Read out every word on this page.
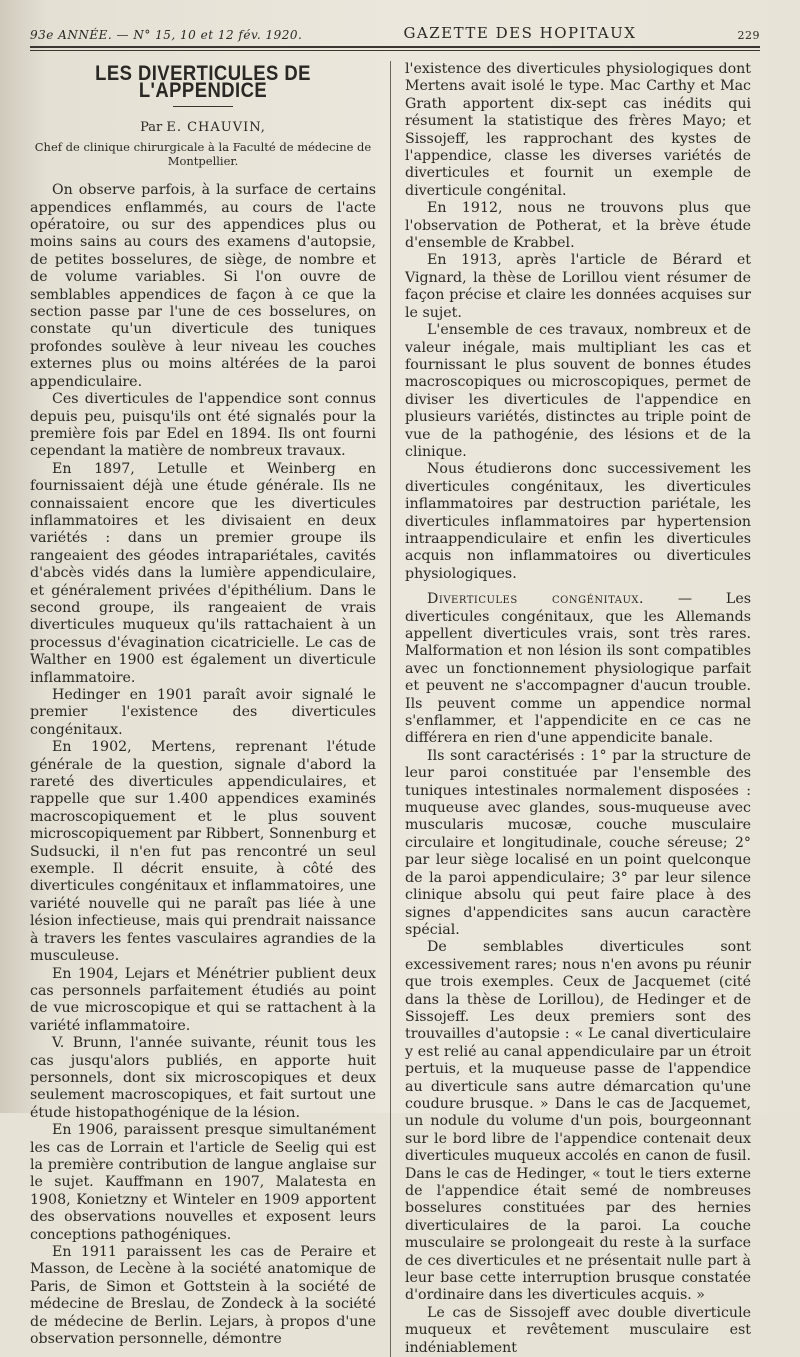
93e ANNÉE. — N° 15, 10 et 12 fév. 1920.	GAZETTE DES HOPITAUX	229
LES DIVERTICULES DE L'APPENDICE
Par E. CHAUVIN,
Chef de clinique chirurgicale à la Faculté de médecine de Montpellier.

On observe parfois, à la surface de certains appendices enflammés, au cours de l'acte opératoire, ou sur des appendices plus ou moins sains au cours des examens d'autopsie, de petites bosselures, de siège, de nombre et de volume variables. Si l'on ouvre de semblables appendices de façon à ce que la section passe par l'une de ces bosselures, on constate qu'un diverticule des tuniques profondes soulève à leur niveau les couches externes plus ou moins altérées de la paroi appendiculaire.

Ces diverticules de l'appendice sont connus depuis peu, puisqu'ils ont été signalés pour la première fois par Edel en 1894. Ils ont fourni cependant la matière de nombreux travaux.

En 1897, Letulle et Weinberg en fournissaient déjà une étude générale. Ils ne connaissaient encore que les diverticules inflammatoires et les divisaient en deux variétés : dans un premier groupe ils rangeaient des géodes intrapariétales, cavités d'abcès vidés dans la lumière appendiculaire, et généralement privées d'épithélium. Dans le second groupe, ils rangeaient de vrais diverticules muqueux qu'ils rattachaient à un processus d'évagination cicatricielle. Le cas de Walther en 1900 est également un diverticule inflammatoire.

Hedinger en 1901 paraît avoir signalé le premier l'existence des diverticules congénitaux.

En 1902, Mertens, reprenant l'étude générale de la question, signale d'abord la rareté des diverticules appendiculaires, et rappelle que sur 1.400 appendices examinés macroscopiquement et le plus souvent microscopiquement par Ribbert, Sonnenburg et Sudsucki, il n'en fut pas rencontré un seul exemple. Il décrit ensuite, à côté des diverticules congénitaux et inflammatoires, une variété nouvelle qui ne paraît pas liée à une lésion infectieuse, mais qui prendrait naissance à travers les fentes vasculaires agrandies de la musculeuse.

En 1904, Lejars et Ménétrier publient deux cas personnels parfaitement étudiés au point de vue microscopique et qui se rattachent à la variété inflammatoire.

V. Brunn, l'année suivante, réunit tous les cas jusqu'alors publiés, en apporte huit personnels, dont six microscopiques et deux seulement macroscopiques, et fait surtout une étude histopathogénique de la lésion.

En 1906, paraissent presque simultanément les cas de Lorrain et l'article de Seelig qui est la première contribution de langue anglaise sur le sujet. Kauffmann en 1907, Malatesta en 1908, Konietzny et Winteler en 1909 apportent des observations nouvelles et exposent leurs conceptions pathogéniques.

En 1911 paraissent les cas de Peraire et Masson, de Lecène à la société anatomique de Paris, de Simon et Gottstein à la société de médecine de Breslau, de Zondeck à la société de médecine de Berlin. Lejars, à propos d'une observation personnelle, démontre

l'existence des diverticules physiologiques dont Mertens avait isolé le type. Mac Carthy et Mac Grath apportent dix-sept cas inédits qui résument la statistique des frères Mayo; et Sissojeff, les rapprochant des kystes de l'appendice, classe les diverses variétés de diverticules et fournit un exemple de diverticule congénital.

En 1912, nous ne trouvons plus que l'observation de Potherat, et la brève étude d'ensemble de Krabbel.

En 1913, après l'article de Bérard et Vignard, la thèse de Lorillou vient résumer de façon précise et claire les données acquises sur le sujet.

L'ensemble de ces travaux, nombreux et de valeur inégale, mais multipliant les cas et fournissant le plus souvent de bonnes études macroscopiques ou microscopiques, permet de diviser les diverticules de l'appendice en plusieurs variétés, distinctes au triple point de vue de la pathogénie, des lésions et de la clinique.

Nous étudierons donc successivement les diverticules congénitaux, les diverticules inflammatoires par destruction pariétale, les diverticules inflammatoires par hypertension intraappendiculaire et enfin les diverticules acquis non inflammatoires ou diverticules physiologiques.

Diverticules congénitaux. — Les diverticules congénitaux, que les Allemands appellent diverticules vrais, sont très rares. Malformation et non lésion ils sont compatibles avec un fonctionnement physiologique parfait et peuvent ne s'accompagner d'aucun trouble. Ils peuvent comme un appendice normal s'enflammer, et l'appendicite en ce cas ne différera en rien d'une appendicite banale.

Ils sont caractérisés : 1° par la structure de leur paroi constituée par l'ensemble des tuniques intestinales normalement disposées : muqueuse avec glandes, sous-muqueuse avec muscularis mucosæ, couche musculaire circulaire et longitudinale, couche séreuse; 2° par leur siège localisé en un point quelconque de la paroi appendiculaire; 3° par leur silence clinique absolu qui peut faire place à des signes d'appendicites sans aucun caractère spécial.

De semblables diverticules sont excessivement rares; nous n'en avons pu réunir que trois exemples. Ceux de Jacquemet (cité dans la thèse de Lorillou), de Hedinger et de Sissojeff. Les deux premiers sont des trouvailles d'autopsie : « Le canal diverticulaire y est relié au canal appendiculaire par un étroit pertuis, et la muqueuse passe de l'appendice au diverticule sans autre démarcation qu'une coudure brusque. » Dans le cas de Jacquemet, un nodule du volume d'un pois, bourgeonnant sur le bord libre de l'appendice contenait deux diverticules muqueux accolés en canon de fusil. Dans le cas de Hedinger, « tout le tiers externe de l'appendice était semé de nombreuses bosselures constituées par des hernies diverticulaires de la paroi. La couche musculaire se prolongeait du reste à la surface de ces diverticules et ne présentait nulle part à leur base cette interruption brusque constatée d'ordinaire dans les diverticules acquis. »

Le cas de Sissojeff avec double diverticule muqueux et revêtement musculaire est indéniablement
